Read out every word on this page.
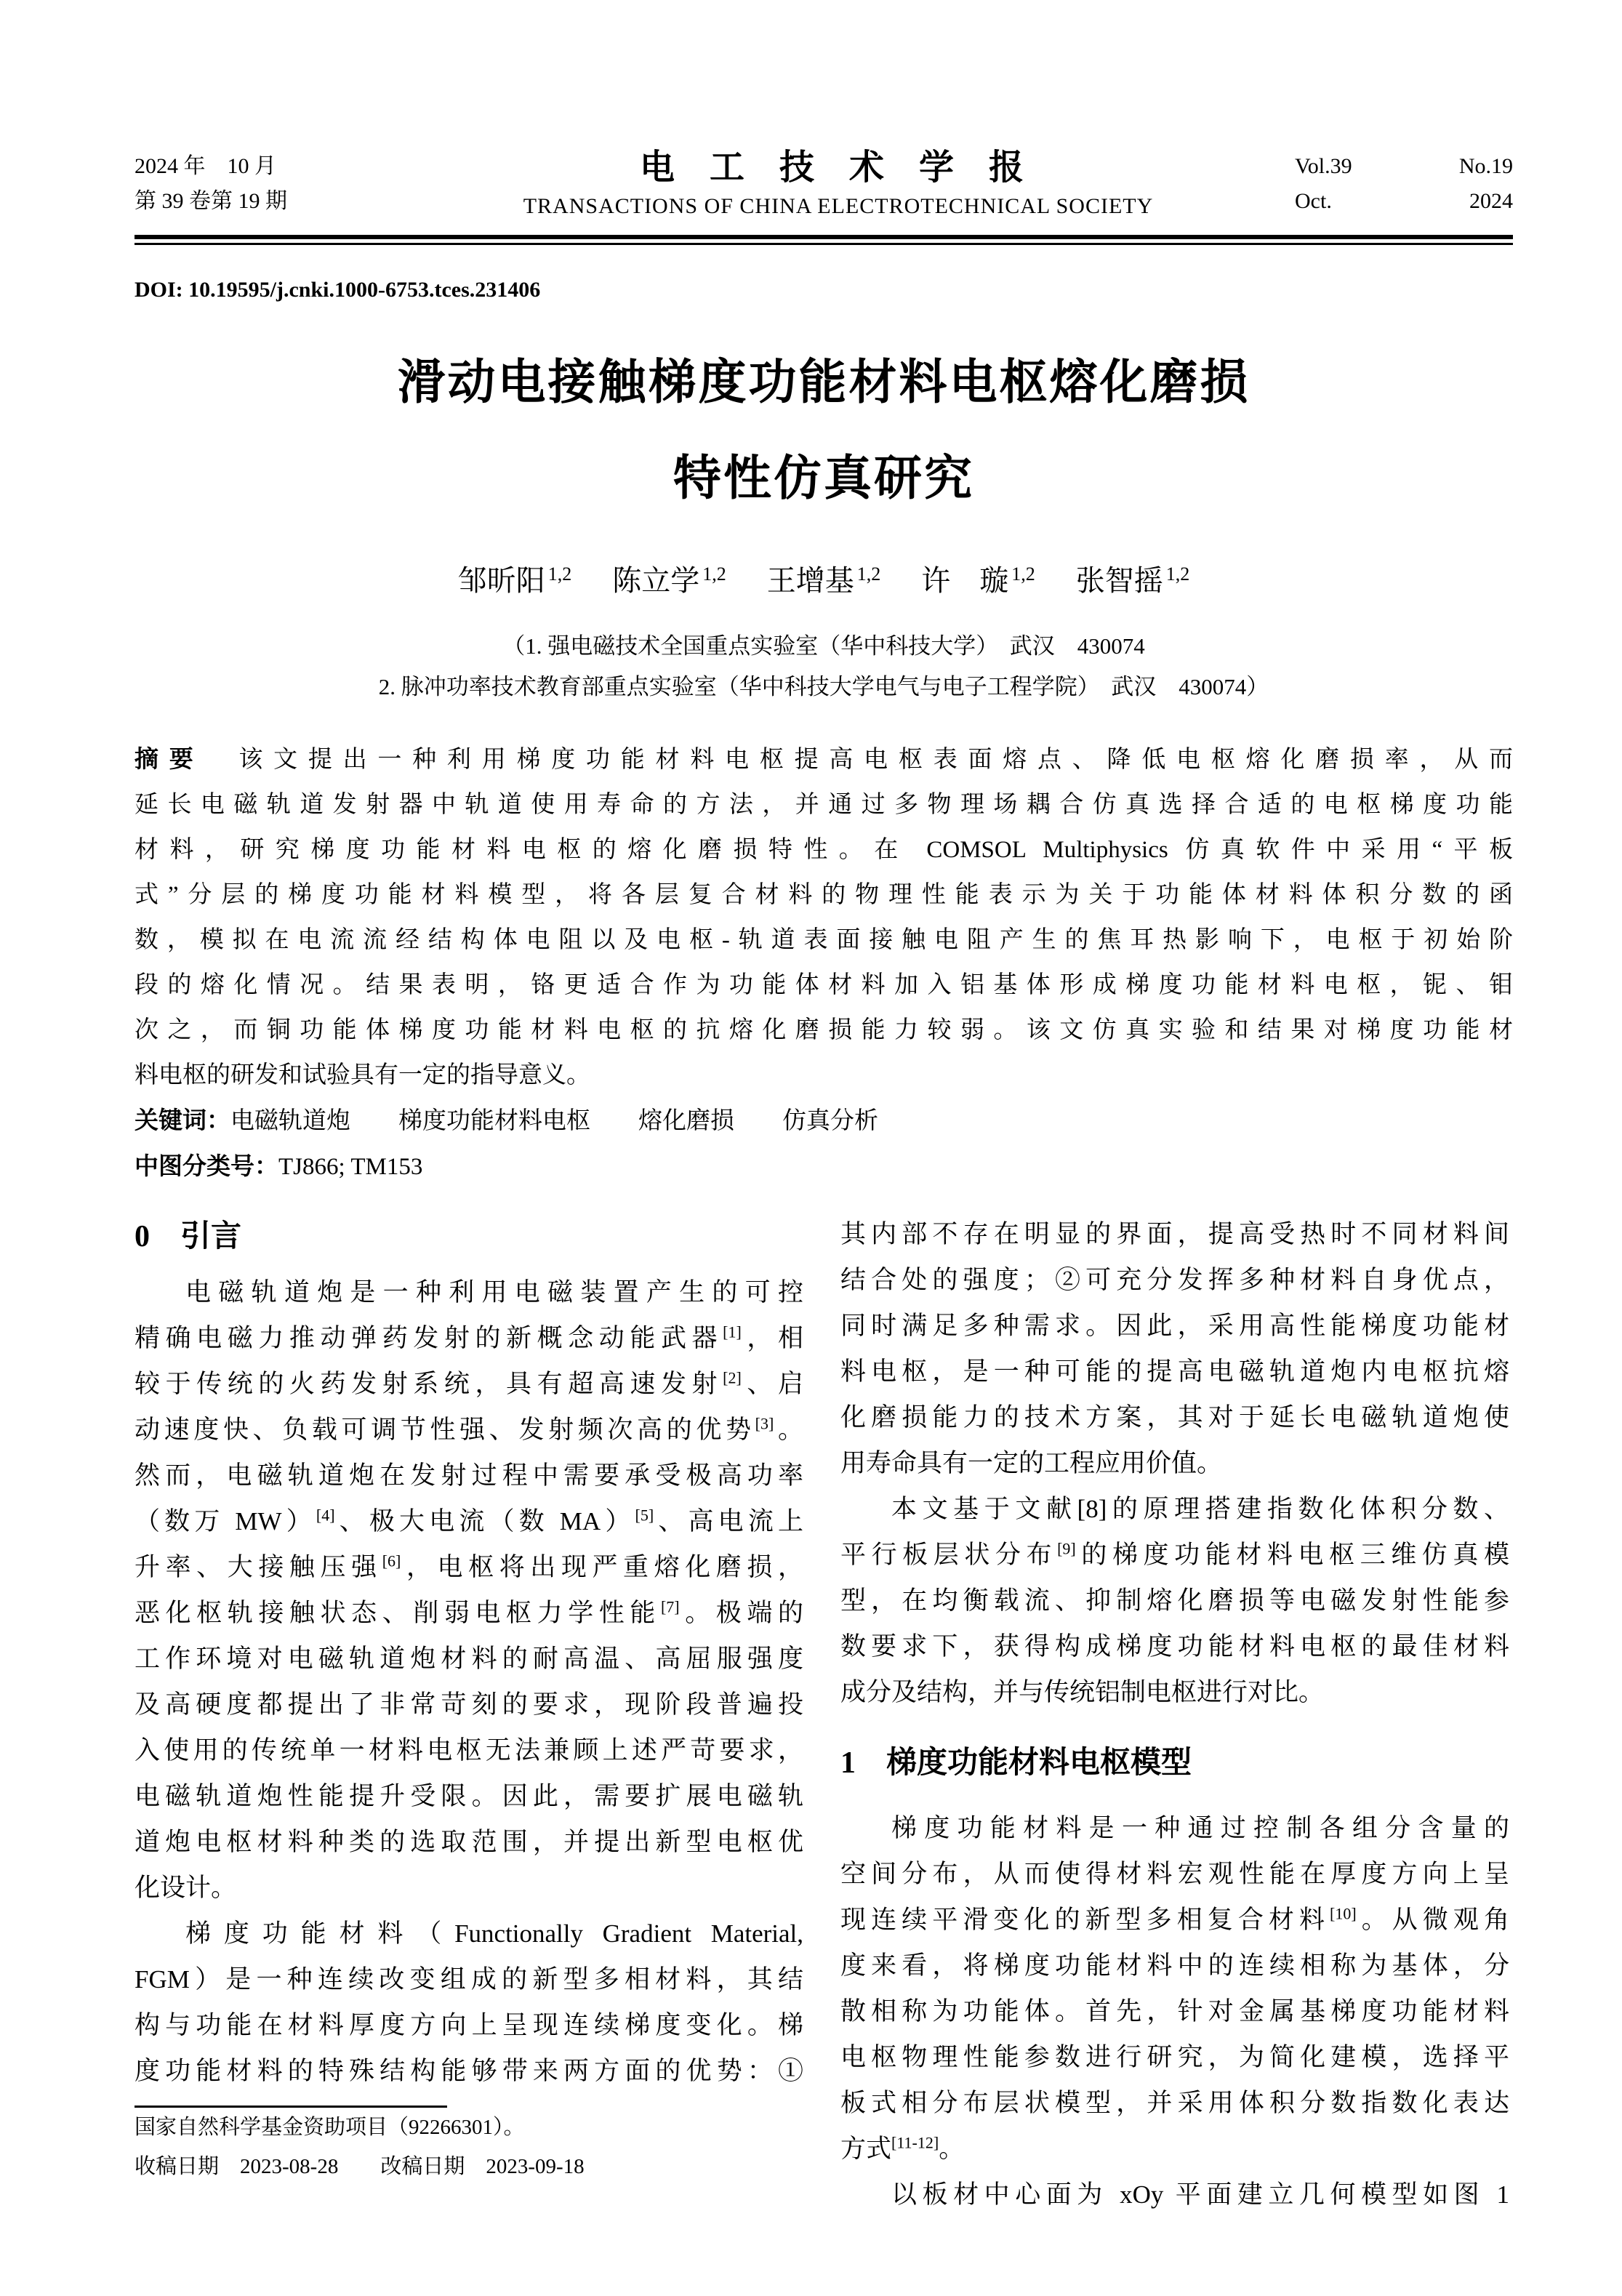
2024 年　10 月
第 39 卷第 19 期
电 工 技 术 学 报
TRANSACTIONS OF CHINA ELECTROTECHNICAL SOCIETY
Vol.39	No.19
Oct.	2024
DOI: 10.19595/j.cnki.1000-6753.tces.231406
滑动电接触梯度功能材料电枢熔化磨损
特性仿真研究
邹昕阳 $^{1,2}$ 陈立学 $^{1,2}$ 王增基 $^{1,2}$ 许　璇 $^{1,2}$ 张智摇 $^{1,2}$
（1. 强电磁技术全国重点实验室（华中科技大学）　武汉　430074
2. 脉冲功率技术教育部重点实验室（华中科技大学电气与电子工程学院）　武汉　430074）
摘要　该文提出一种利用梯度功能材料电枢提高电枢表面熔点、降低电枢熔化磨损率，从而
延长电磁轨道发射器中轨道使用寿命的方法，并通过多物理场耦合仿真选择合适的电枢梯度功能
材料，研究梯度功能材料电枢的熔化磨损特性。在 COMSOL Multiphysics 仿真软件中采用“平板
式”分层的梯度功能材料模型，将各层复合材料的物理性能表示为关于功能体材料体积分数的函
数，模拟在电流流经结构体电阻以及电枢-轨道表面接触电阻产生的焦耳热影响下，电枢于初始阶
段的熔化情况。结果表明，铬更适合作为功能体材料加入铝基体形成梯度功能材料电枢，铌、钼
次之，而铜功能体梯度功能材料电枢的抗熔化磨损能力较弱。该文仿真实验和结果对梯度功能材
料电枢的研发和试验具有一定的指导意义。
关键词：电磁轨道炮　　梯度功能材料电枢　　熔化磨损　　仿真分析
中图分类号：TJ866; TM153
0　引言
电磁轨道炮是一种利用电磁装置产生的可控
精确电磁力推动弹药发射的新概念动能武器[1]，相
较于传统的火药发射系统，具有超高速发射[2]、启
动速度快、负载可调节性强、发射频次高的优势[3]。
然而，电磁轨道炮在发射过程中需要承受极高功率
（数万 MW）[4]、极大电流（数 MA）[5]、高电流上
升率、大接触压强[6]，电枢将出现严重熔化磨损，
恶化枢轨接触状态、削弱电枢力学性能[7]。极端的
工作环境对电磁轨道炮材料的耐高温、高屈服强度
及高硬度都提出了非常苛刻的要求，现阶段普遍投
入使用的传统单一材料电枢无法兼顾上述严苛要求，
电磁轨道炮性能提升受限。因此，需要扩展电磁轨
道炮电枢材料种类的选取范围，并提出新型电枢优
化设计。
梯度功能材料（Functionally Gradient Material,
FGM）是一种连续改变组成的新型多相材料，其结
构与功能在材料厚度方向上呈现连续梯度变化。梯
度功能材料的特殊结构能够带来两方面的优势：①
国家自然科学基金资助项目（92266301）。
收稿日期　2023-08-28　　改稿日期　2023-09-18
其内部不存在明显的界面，提高受热时不同材料间
结合处的强度；②可充分发挥多种材料自身优点，
同时满足多种需求。因此，采用高性能梯度功能材
料电枢，是一种可能的提高电磁轨道炮内电枢抗熔
化磨损能力的技术方案，其对于延长电磁轨道炮使
用寿命具有一定的工程应用价值。
本文基于文献[8]的原理搭建指数化体积分数、
平行板层状分布[9]的梯度功能材料电枢三维仿真模
型，在均衡载流、抑制熔化磨损等电磁发射性能参
数要求下，获得构成梯度功能材料电枢的最佳材料
成分及结构，并与传统铝制电枢进行对比。
1　梯度功能材料电枢模型
梯度功能材料是一种通过控制各组分含量的
空间分布，从而使得材料宏观性能在厚度方向上呈
现连续平滑变化的新型多相复合材料[10]。从微观角
度来看，将梯度功能材料中的连续相称为基体，分
散相称为功能体。首先，针对金属基梯度功能材料
电枢物理性能参数进行研究，为简化建模，选择平
板式相分布层状模型，并采用体积分数指数化表达
方式[11-12]。
以板材中心面为 xOy 平面建立几何模型如图 1
